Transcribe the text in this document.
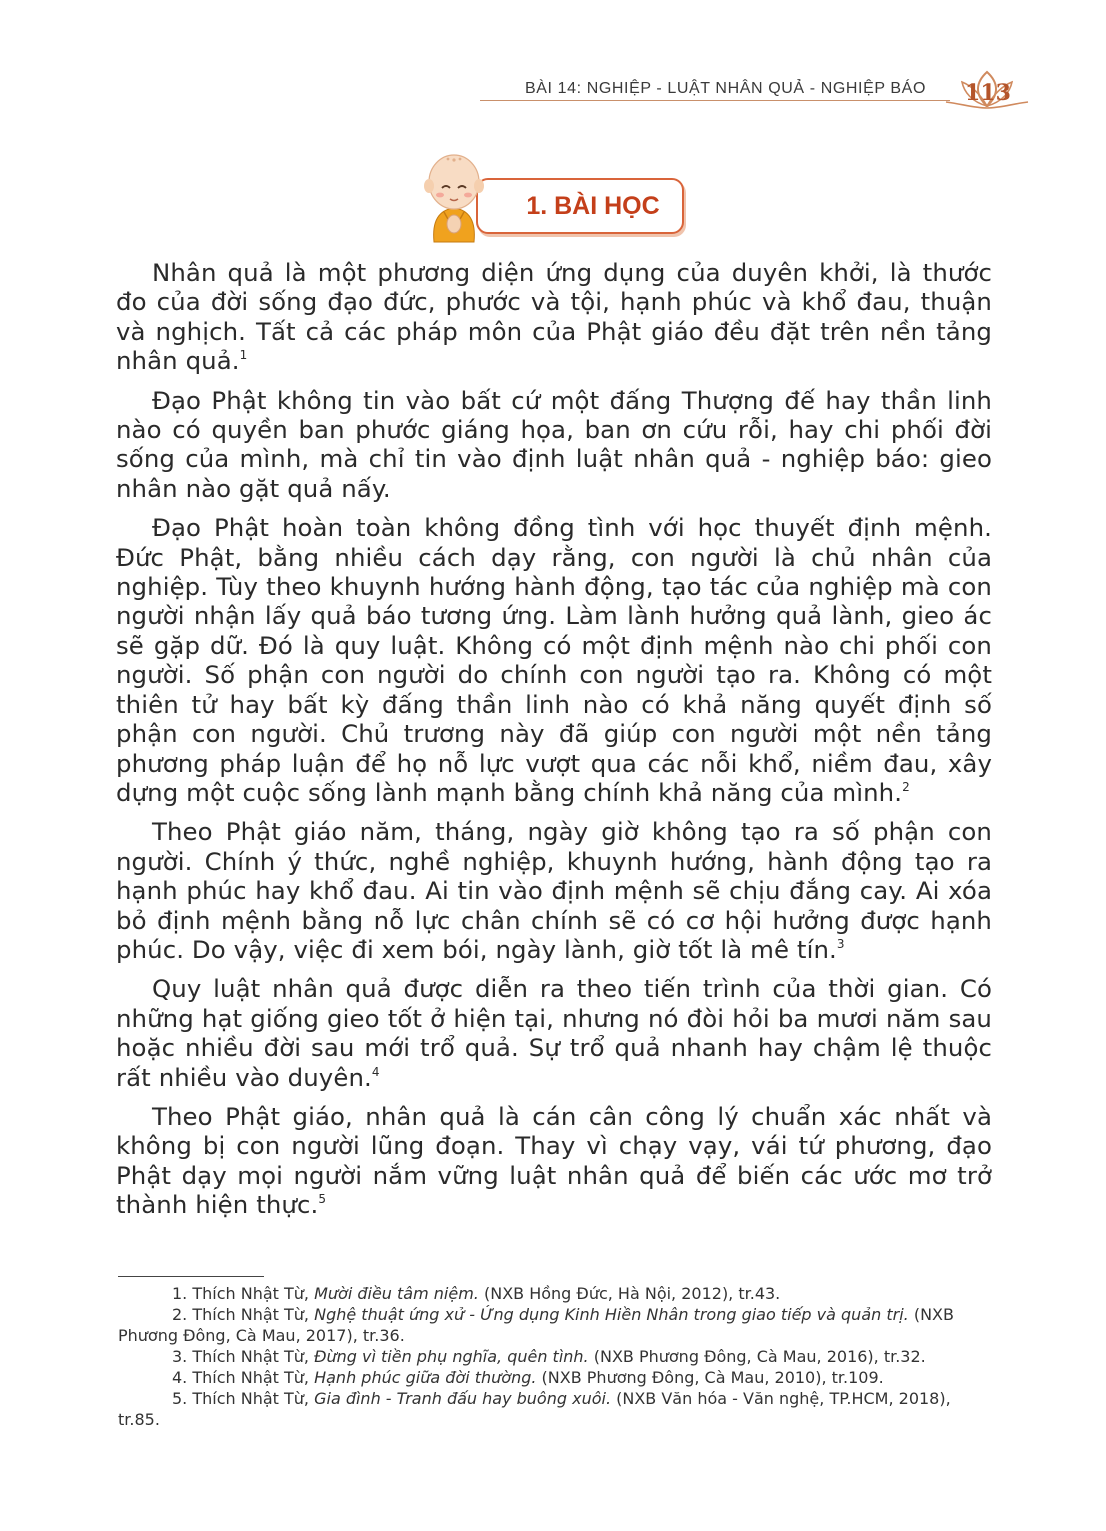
BÀI 14: NGHIỆP - LUẬT NHÂN QUẢ - NGHIỆP BÁO	113
1. BÀI HỌC

Nhân quả là một phương diện ứng dụng của duyên khởi, là thước đo của đời sống đạo đức, phước và tội, hạnh phúc và khổ đau, thuận và nghịch. Tất cả các pháp môn của Phật giáo đều đặt trên nền tảng nhân quả.$^1$

Đạo Phật không tin vào bất cứ một đấng Thượng đế hay thần linh nào có quyền ban phước giáng họa, ban ơn cứu rỗi, hay chi phối đời sống của mình, mà chỉ tin vào định luật nhân quả - nghiệp báo: gieo nhân nào gặt quả nấy.

Đạo Phật hoàn toàn không đồng tình với học thuyết định mệnh. Đức Phật, bằng nhiều cách dạy rằng, con người là chủ nhân của nghiệp. Tùy theo khuynh hướng hành động, tạo tác của nghiệp mà con người nhận lấy quả báo tương ứng. Làm lành hưởng quả lành, gieo ác sẽ gặp dữ. Đó là quy luật. Không có một định mệnh nào chi phối con người. Số phận con người do chính con người tạo ra. Không có một thiên tử hay bất kỳ đấng thần linh nào có khả năng quyết định số phận con người. Chủ trương này đã giúp con người một nền tảng phương pháp luận để họ nỗ lực vượt qua các nỗi khổ, niềm đau, xây dựng một cuộc sống lành mạnh bằng chính khả năng của mình.$^2$

Theo Phật giáo năm, tháng, ngày giờ không tạo ra số phận con người. Chính ý thức, nghề nghiệp, khuynh hướng, hành động tạo ra hạnh phúc hay khổ đau. Ai tin vào định mệnh sẽ chịu đắng cay. Ai xóa bỏ định mệnh bằng nỗ lực chân chính sẽ có cơ hội hưởng được hạnh phúc. Do vậy, việc đi xem bói, ngày lành, giờ tốt là mê tín.$^3$

Quy luật nhân quả được diễn ra theo tiến trình của thời gian. Có những hạt giống gieo tốt ở hiện tại, nhưng nó đòi hỏi ba mươi năm sau hoặc nhiều đời sau mới trổ quả. Sự trổ quả nhanh hay chậm lệ thuộc rất nhiều vào duyên.$^4$

Theo Phật giáo, nhân quả là cán cân công lý chuẩn xác nhất và không bị con người lũng đoạn. Thay vì chạy vạy, vái tứ phương, đạo Phật dạy mọi người nắm vững luật nhân quả để biến các ước mơ trở thành hiện thực.$^5$

1. Thích Nhật Từ, Mười điều tâm niệm. (NXB Hồng Đức, Hà Nội, 2012), tr.43.

2. Thích Nhật Từ, Nghệ thuật ứng xử - Ứng dụng Kinh Hiền Nhân trong giao tiếp và quản trị. (NXB Phương Đông, Cà Mau, 2017), tr.36.

3. Thích Nhật Từ, Đừng vì tiền phụ nghĩa, quên tình. (NXB Phương Đông, Cà Mau, 2016), tr.32.

4. Thích Nhật Từ, Hạnh phúc giữa đời thường. (NXB Phương Đông, Cà Mau, 2010), tr.109.

5. Thích Nhật Từ, Gia đình - Tranh đấu hay buông xuôi. (NXB Văn hóa - Văn nghệ, TP.HCM, 2018), tr.85.
